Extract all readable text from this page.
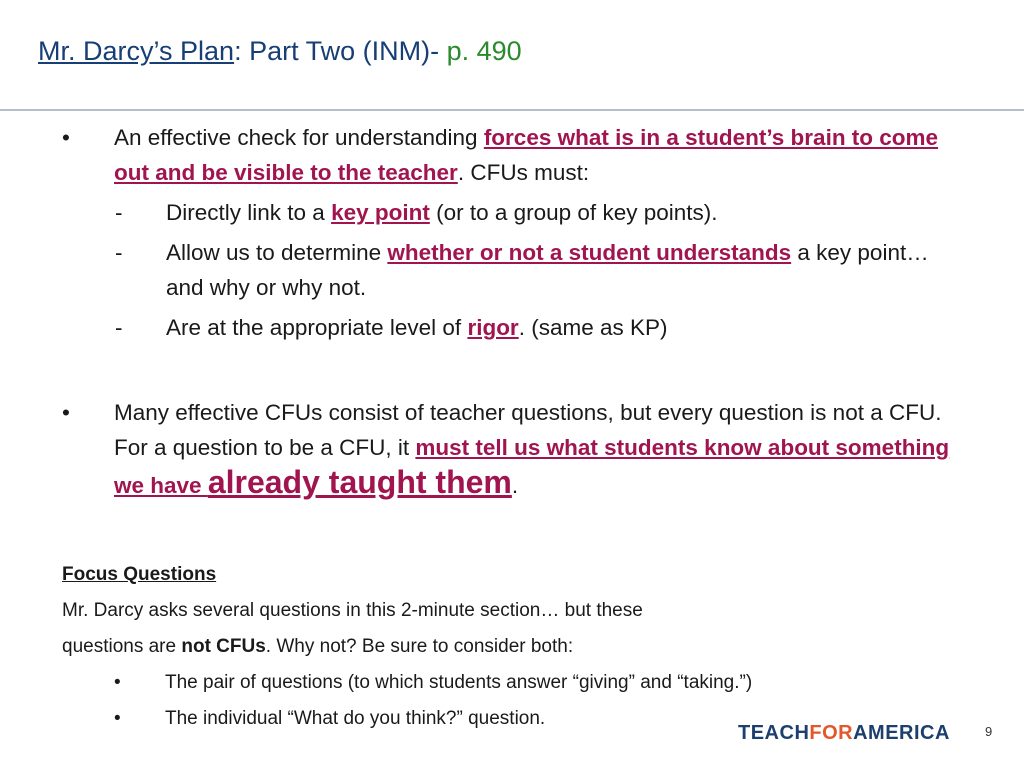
Mr. Darcy’s Plan: Part Two (INM)- p. 490
• An effective check for understanding forces what is in a student’s brain to come out and be visible to the teacher. CFUs must:
- Directly link to a key point (or to a group of key points).
- Allow us to determine whether or not a student understands a key point… and why or why not.
- Are at the appropriate level of rigor. (same as KP)
• Many effective CFUs consist of teacher questions, but every question is not a CFU. For a question to be a CFU, it must tell us what students know about something we have already taught them.
Focus Questions
Mr. Darcy asks several questions in this 2-minute section… but these
questions are not CFUs. Why not? Be sure to consider both:
• The pair of questions (to which students answer “giving” and “taking.”)
• The individual “What do you think?” question.
TEACHFORAMERICA	9
